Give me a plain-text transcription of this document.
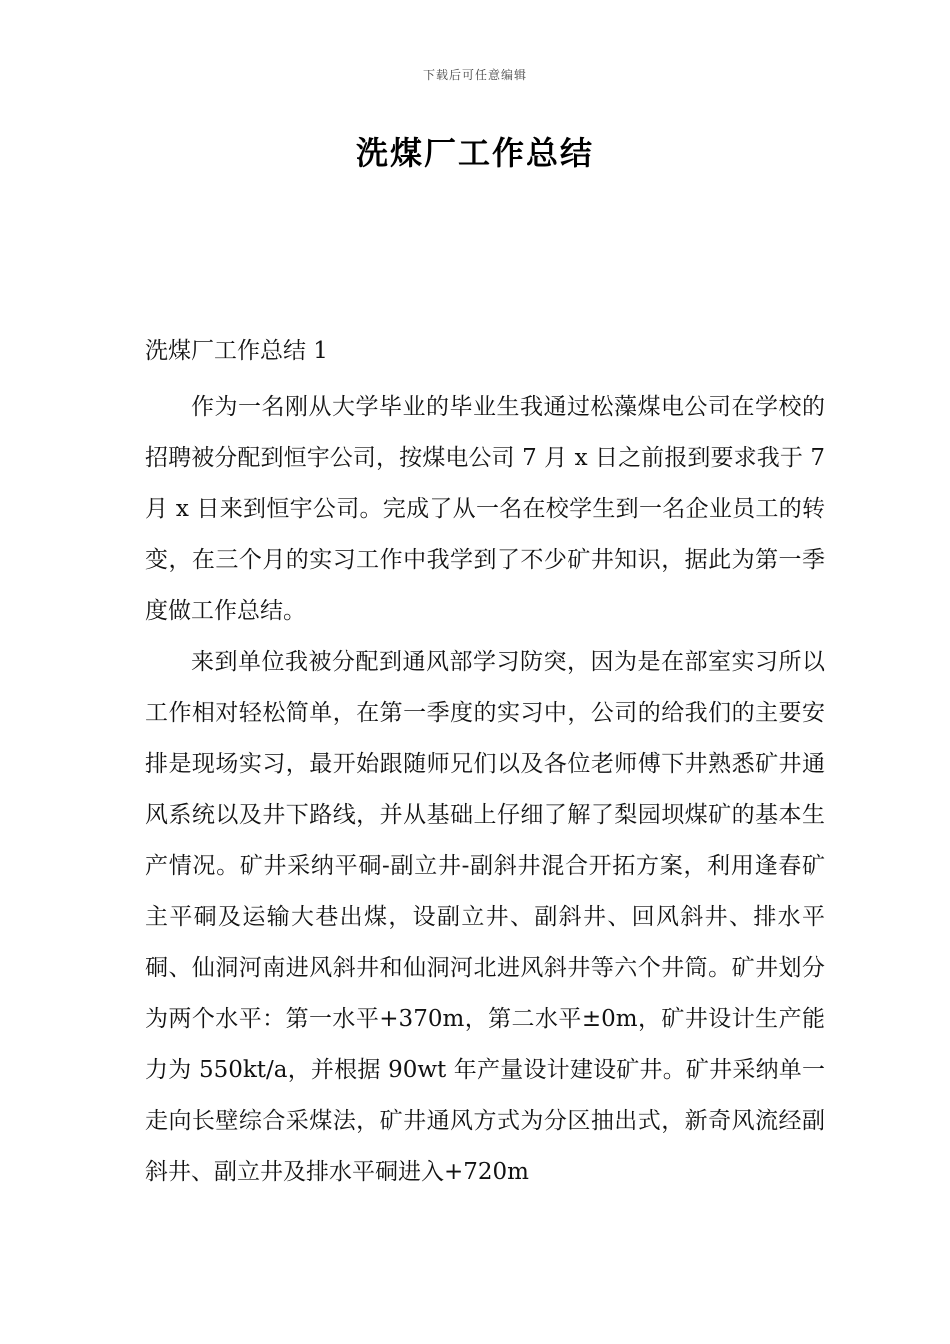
下载后可任意编辑
洗煤厂工作总结

洗煤厂工作总结 1

作为一名刚从大学毕业的毕业生我通过松藻煤电公司在学校的招聘被分配到恒宇公司，按煤电公司 7 月 x 日之前报到要求我于 7 月 x 日来到恒宇公司。完成了从一名在校学生到一名企业员工的转变，在三个月的实习工作中我学到了不少矿井知识，据此为第一季度做工作总结。

来到单位我被分配到通风部学习防突，因为是在部室实习所以工作相对轻松简单，在第一季度的实习中，公司的给我们的主要安排是现场实习，最开始跟随师兄们以及各位老师傅下井熟悉矿井通风系统以及井下路线，并从基础上仔细了解了梨园坝煤矿的基本生产情况。矿井采纳平硐-副立井-副斜井混合开拓方案，利用逢春矿主平硐及运输大巷出煤，设副立井、副斜井、回风斜井、排水平硐、仙洞河南进风斜井和仙洞河北进风斜井等六个井筒。矿井划分为两个水平：第一水平+370m，第二水平±0m，矿井设计生产能力为 550kt/a，并根据 90wt 年产量设计建设矿井。矿井采纳单一走向长壁综合采煤法，矿井通风方式为分区抽出式，新奇风流经副斜井、副立井及排水平硐进入+720m
